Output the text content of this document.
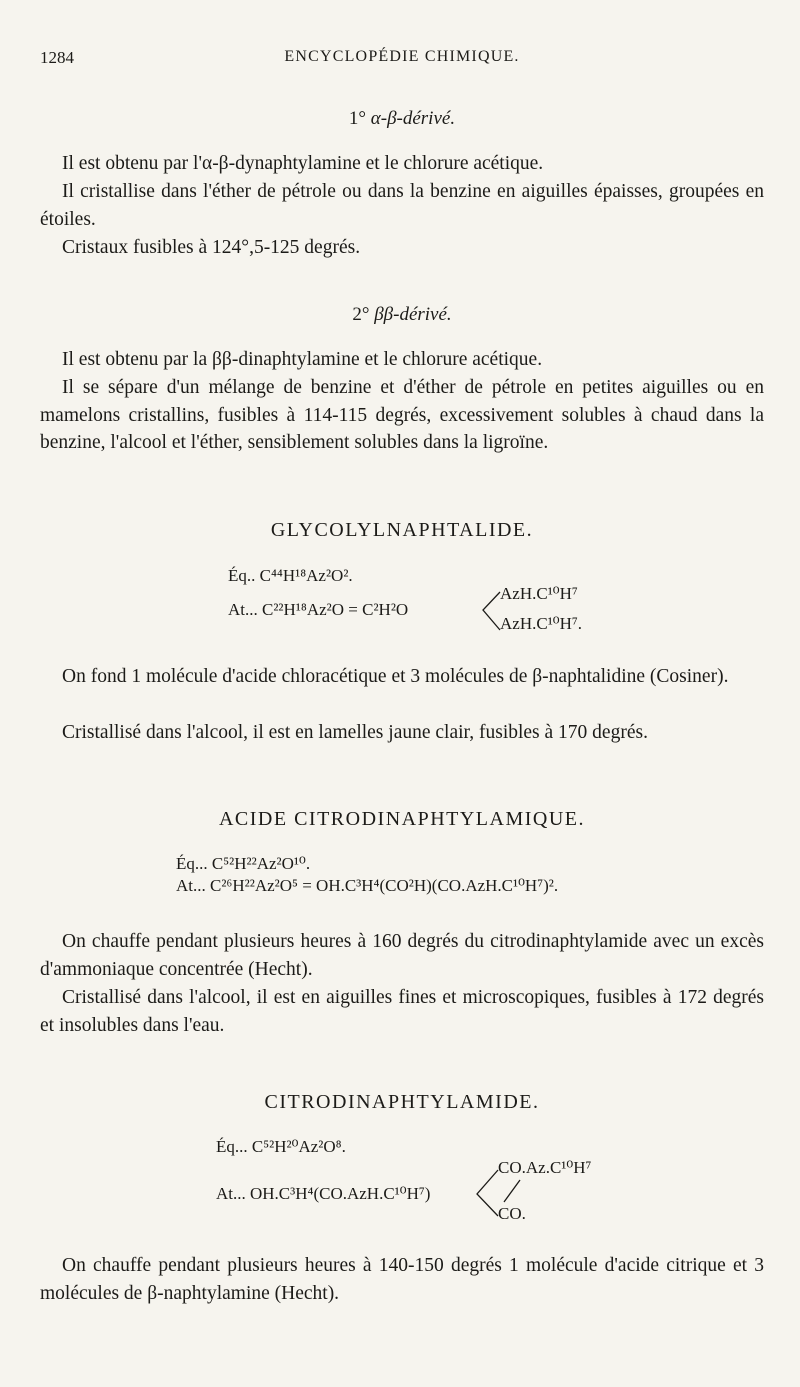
1284	ENCYCLOPÉDIE CHIMIQUE.
1° α-β-dérivé.

Il est obtenu par l'α-β-dynaphtylamine et le chlorure acétique.

Il cristallise dans l'éther de pétrole ou dans la benzine en aiguilles épaisses, groupées en étoiles.

Cristaux fusibles à 124°,5-125 degrés.

2° ββ-dérivé.

Il est obtenu par la ββ-dinaphtylamine et le chlorure acétique.

Il se sépare d'un mélange de benzine et d'éther de pétrole en petites aiguilles ou en mamelons cristallins, fusibles à 114-115 degrés, excessivement solubles à chaud dans la benzine, l'alcool et l'éther, sensiblement solubles dans la ligroïne.

GLYCOLYLNAPHTALIDE.
Éq.. C⁴⁴H¹⁸Az²O².
At... C²²H¹⁸Az²O = C²H²O
AzH.C¹⁰H⁷
AzH.C¹⁰H⁷.

On fond 1 molécule d'acide chloracétique et 3 molécules de β-naphtalidine (Cosiner).

Cristallisé dans l'alcool, il est en lamelles jaune clair, fusibles à 170 degrés.

ACIDE CITRODINAPHTYLAMIQUE.
Éq... C⁵²H²²Az²O¹⁰.
At... C²⁶H²²Az²O⁵ = OH.C³H⁴(CO²H)(CO.AzH.C¹⁰H⁷)².

On chauffe pendant plusieurs heures à 160 degrés du citrodinaphtylamide avec un excès d'ammoniaque concentrée (Hecht).

Cristallisé dans l'alcool, il est en aiguilles fines et microscopiques, fusibles à 172 degrés et insolubles dans l'eau.

CITRODINAPHTYLAMIDE.
Éq... C⁵²H²⁰Az²O⁸.
At... OH.C³H⁴(CO.AzH.C¹⁰H⁷)
CO.Az.C¹⁰H⁷
CO.

On chauffe pendant plusieurs heures à 140-150 degrés 1 molécule d'acide citrique et 3 molécules de β-naphtylamine (Hecht).
